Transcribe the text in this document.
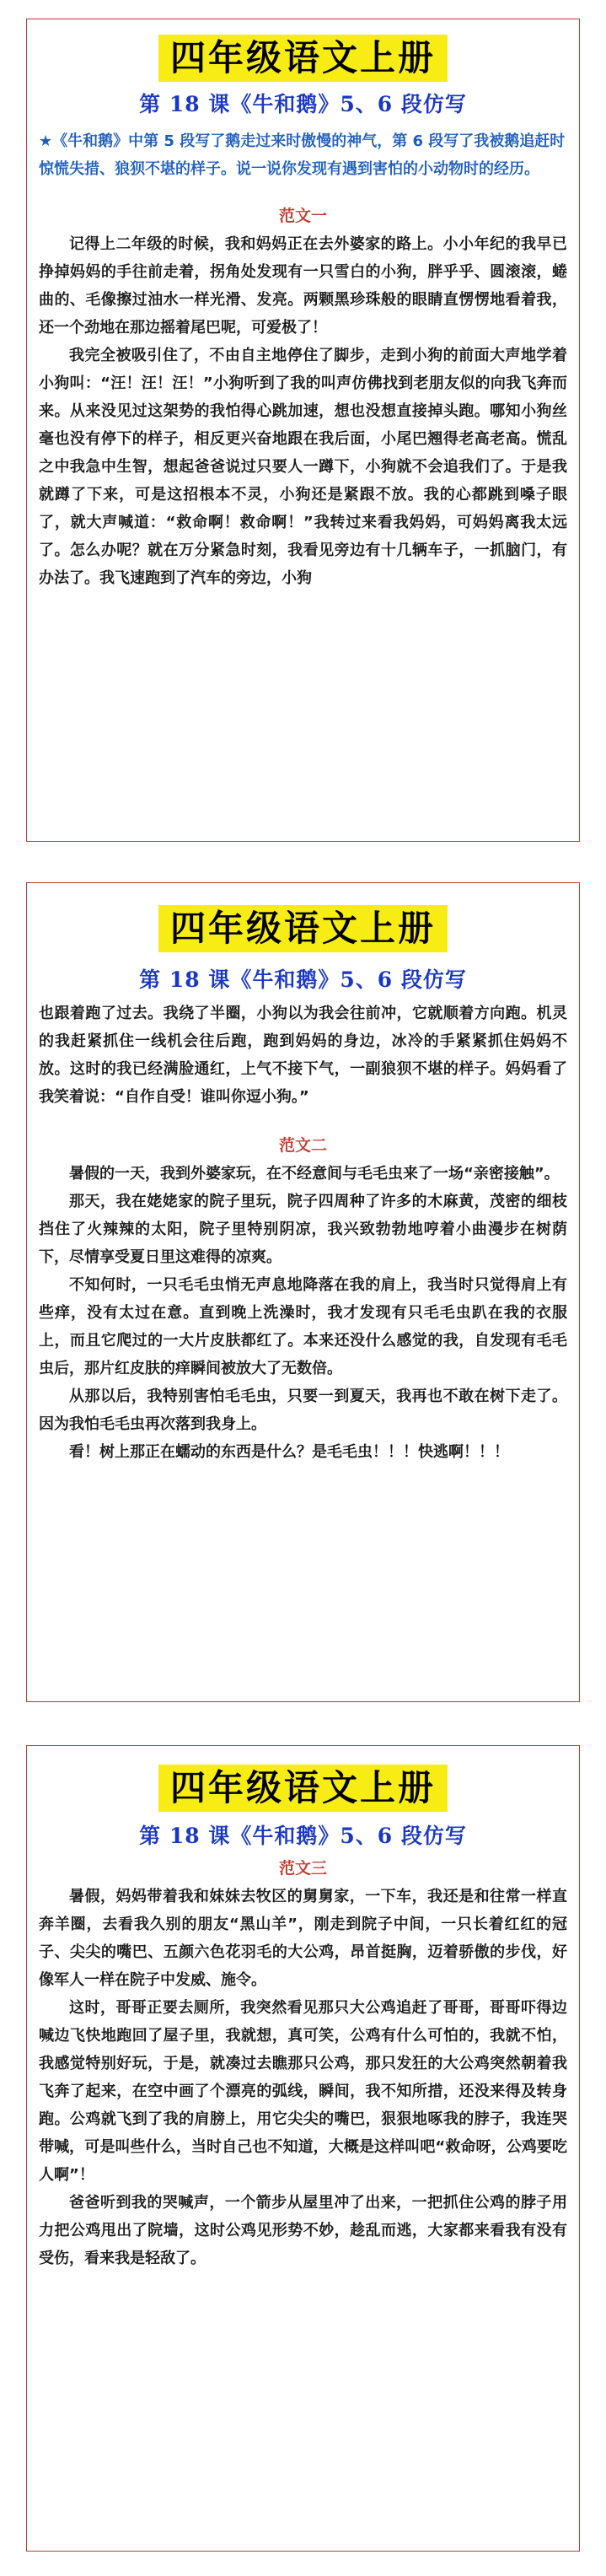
四年级语文上册
第 18 课《牛和鹅》5、6 段仿写
★《牛和鹅》中第 5 段写了鹅走过来时傲慢的神气，第 6 段写了我被鹅追赶时惊慌失措、狼狈不堪的样子。说一说你发现有遇到害怕的小动物时的经历。
范文一

记得上二年级的时候，我和妈妈正在去外婆家的路上。小小年纪的我早已挣掉妈妈的手往前走着，拐角处发现有一只雪白的小狗，胖乎乎、圆滚滚，蜷曲的、毛像擦过油水一样光滑、发亮。两颗黑珍珠般的眼睛直愣愣地看着我，还一个劲地在那边摇着尾巴呢，可爱极了！

我完全被吸引住了，不由自主地停住了脚步，走到小狗的前面大声地学着小狗叫：“汪！汪！汪！”小狗听到了我的叫声仿佛找到老朋友似的向我飞奔而来。从来没见过这架势的我怕得心跳加速，想也没想直接掉头跑。哪知小狗丝毫也没有停下的样子，相反更兴奋地跟在我后面，小尾巴翘得老高老高。慌乱之中我急中生智，想起爸爸说过只要人一蹲下，小狗就不会追我们了。于是我就蹲了下来，可是这招根本不灵，小狗还是紧跟不放。我的心都跳到嗓子眼了，就大声喊道：“救命啊！救命啊！”我转过来看我妈妈，可妈妈离我太远了。怎么办呢？就在万分紧急时刻，我看见旁边有十几辆车子，一抓脑门，有办法了。我飞速跑到了汽车的旁边，小狗

四年级语文上册
第 18 课《牛和鹅》5、6 段仿写

也跟着跑了过去。我绕了半圈，小狗以为我会往前冲，它就顺着方向跑。机灵的我赶紧抓住一线机会往后跑，跑到妈妈的身边，冰冷的手紧紧抓住妈妈不放。这时的我已经满脸通红，上气不接下气，一副狼狈不堪的样子。妈妈看了我笑着说：“自作自受！谁叫你逗小狗。”

范文二

暑假的一天，我到外婆家玩，在不经意间与毛毛虫来了一场“亲密接触”。

那天，我在姥姥家的院子里玩，院子四周种了许多的木麻黄，茂密的细枝挡住了火辣辣的太阳，院子里特别阴凉，我兴致勃勃地哼着小曲漫步在树荫下，尽情享受夏日里这难得的凉爽。

不知何时，一只毛毛虫悄无声息地降落在我的肩上，我当时只觉得肩上有些痒，没有太过在意。直到晚上洗澡时，我才发现有只毛毛虫趴在我的衣服上，而且它爬过的一大片皮肤都红了。本来还没什么感觉的我，自发现有毛毛虫后，那片红皮肤的痒瞬间被放大了无数倍。

从那以后，我特别害怕毛毛虫，只要一到夏天，我再也不敢在树下走了。因为我怕毛毛虫再次落到我身上。

看！树上那正在蠕动的东西是什么？是毛毛虫！！！快逃啊！！！

四年级语文上册
第 18 课《牛和鹅》5、6 段仿写
范文三

暑假，妈妈带着我和妹妹去牧区的舅舅家，一下车，我还是和往常一样直奔羊圈，去看我久别的朋友“黑山羊”，刚走到院子中间，一只长着红红的冠子、尖尖的嘴巴、五颜六色花羽毛的大公鸡，昂首挺胸，迈着骄傲的步伐，好像军人一样在院子中发威、施令。

这时，哥哥正要去厕所，我突然看见那只大公鸡追赶了哥哥，哥哥吓得边喊边飞快地跑回了屋子里，我就想，真可笑，公鸡有什么可怕的，我就不怕，我感觉特别好玩，于是，就凑过去瞧那只公鸡，那只发狂的大公鸡突然朝着我飞奔了起来，在空中画了个漂亮的弧线，瞬间，我不知所措，还没来得及转身跑。公鸡就飞到了我的肩膀上，用它尖尖的嘴巴，狠狠地啄我的脖子，我连哭带喊，可是叫些什么，当时自己也不知道，大概是这样叫吧“救命呀，公鸡要吃人啊”！

爸爸听到我的哭喊声，一个箭步从屋里冲了出来，一把抓住公鸡的脖子用力把公鸡甩出了院墙，这时公鸡见形势不妙，趁乱而逃，大家都来看我有没有受伤，看来我是轻敌了。
